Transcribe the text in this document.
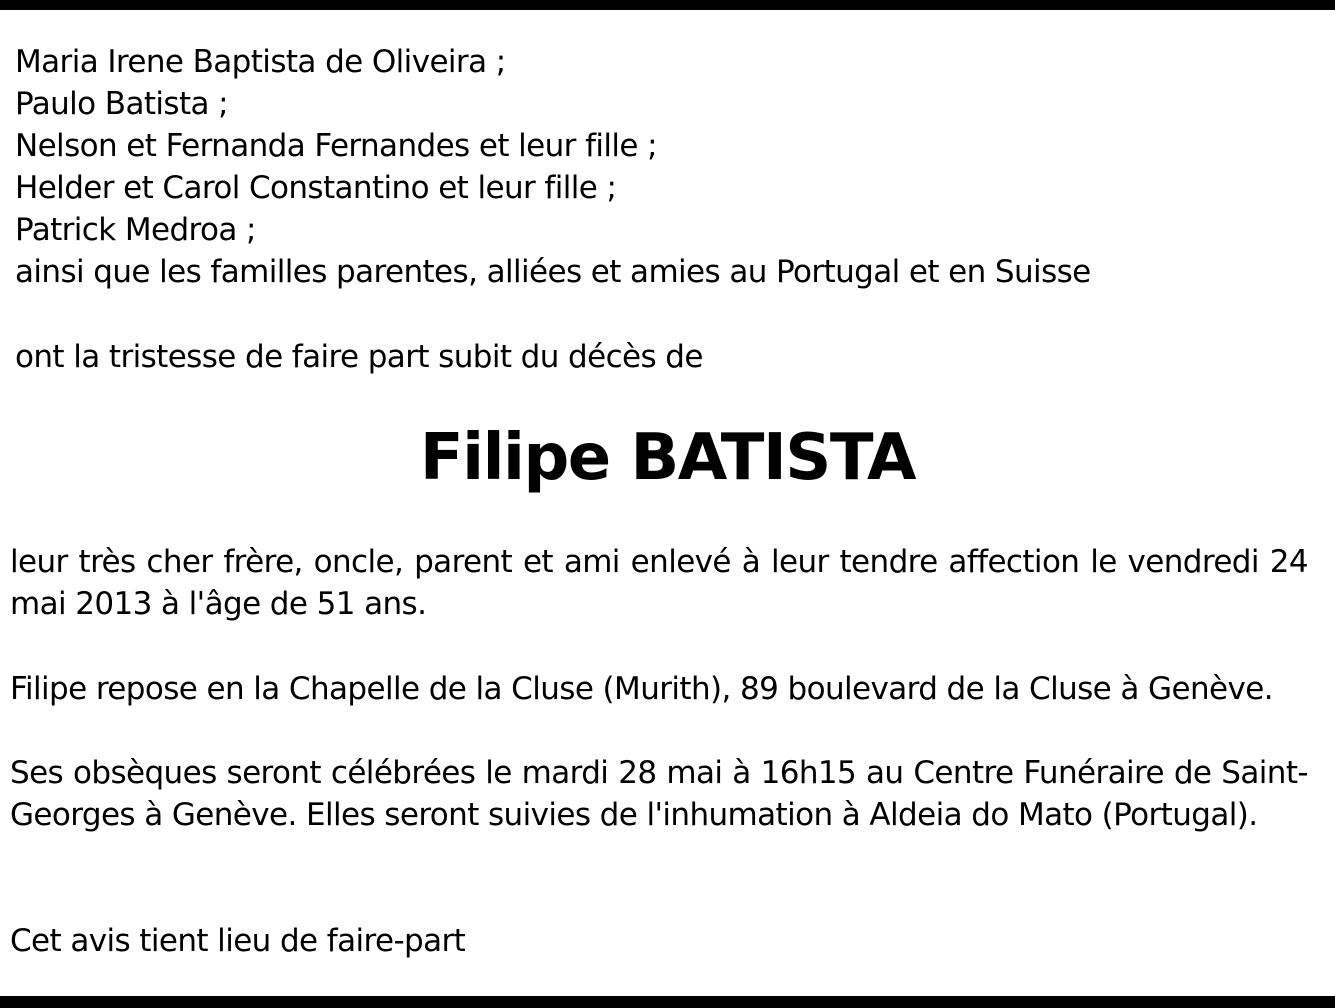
Maria Irene Baptista de Oliveira ;
Paulo Batista ;
Nelson et Fernanda Fernandes et leur fille ;
Helder et Carol Constantino et leur fille ;
Patrick Medroa ;
ainsi que les familles parentes, alliées et amies au Portugal et en Suisse
ont la tristesse de faire part subit du décès de
Filipe BATISTA
leur très cher frère, oncle, parent et ami enlevé à leur tendre affection le vendredi 24 mai 2013 à l'âge de 51 ans.
Filipe repose en la Chapelle de la Cluse (Murith), 89 boulevard de la Cluse à Genève.
Ses obsèques seront célébrées le mardi 28 mai à 16h15 au Centre Funéraire de Saint-Georges à Genève. Elles seront suivies de l'inhumation à Aldeia do Mato (Portugal).
Cet avis tient lieu de faire-part
